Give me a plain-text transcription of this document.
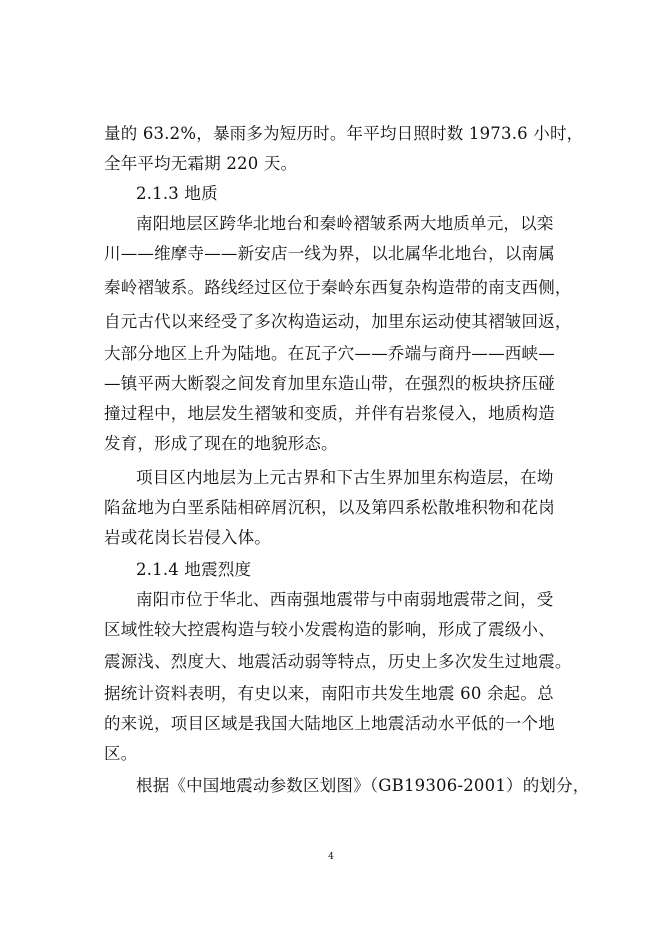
量的 63.2%，暴雨多为短历时。年平均日照时数 1973.6 小时，
全年平均无霜期 220 天。
2.1.3 地质
南阳地层区跨华北地台和秦岭褶皱系两大地质单元，以栾
川——维摩寺——新安店一线为界，以北属华北地台，以南属
秦岭褶皱系。路线经过区位于秦岭东西复杂构造带的南支西侧，
自元古代以来经受了多次构造运动，加里东运动使其褶皱回返，
大部分地区上升为陆地。在瓦子穴——乔端与商丹——西峡—
—镇平两大断裂之间发育加里东造山带，在强烈的板块挤压碰
撞过程中，地层发生褶皱和变质，并伴有岩浆侵入，地质构造
发育，形成了现在的地貌形态。
项目区内地层为上元古界和下古生界加里东构造层，在坳
陷盆地为白垩系陆相碎屑沉积，以及第四系松散堆积物和花岗
岩或花岗长岩侵入体。
2.1.4 地震烈度
南阳市位于华北、西南强地震带与中南弱地震带之间，受
区域性较大控震构造与较小发震构造的影响，形成了震级小、
震源浅、烈度大、地震活动弱等特点，历史上多次发生过地震。
据统计资料表明，有史以来，南阳市共发生地震 60 余起。总
的来说，项目区域是我国大陆地区上地震活动水平低的一个地
区。
根据《中国地震动参数区划图》（GB19306-2001）的划分，
4
